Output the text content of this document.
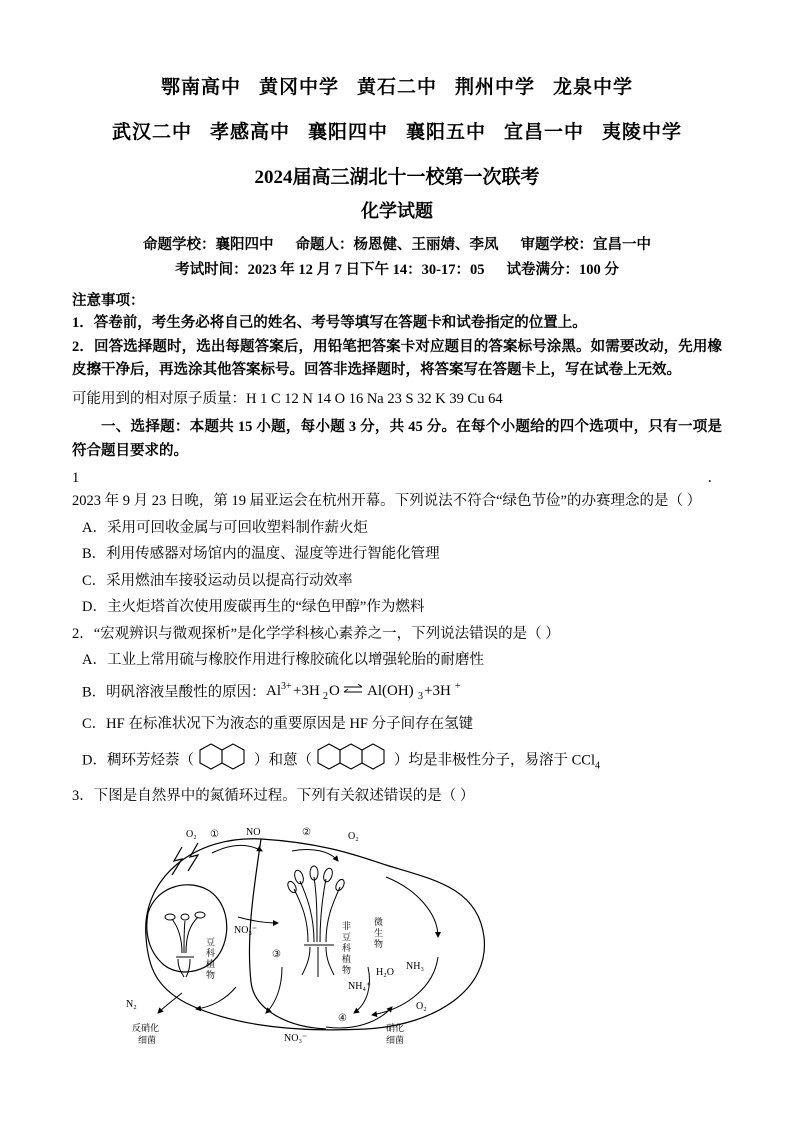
鄂南高中 黄冈中学 黄石二中 荆州中学 龙泉中学
武汉二中 孝感高中 襄阳四中 襄阳五中 宜昌一中 夷陵中学
2024届高三湖北十一校第一次联考
化学试题
命题学校：襄阳四中 命题人：杨恩健、王丽婧、李凤 审题学校：宜昌一中
考试时间：2023 年 12 月 7 日下午 14：30-17：05 试卷满分：100 分
注意事项：
1．答卷前，考生务必将自己的姓名、考号等填写在答题卡和试卷指定的位置上。
2．回答选择题时，选出每题答案后，用铅笔把答案卡对应题目的答案标号涂黑。如需要改动，先用橡皮擦干净后，再选涂其他答案标号。回答非选择题时，将答案写在答题卡上，写在试卷上无效。
可能用到的相对原子质量：H 1 C 12 N 14 O 16 Na 23 S 32 K 39 Cu 64
一、选择题：本题共 15 小题，每小题 3 分，共 45 分。在每个小题给的四个选项中，只有一项是符合题目要求的。
1．2023 年 9 月 23 日晚，第 19 届亚运会在杭州开幕。下列说法不符合“绿色节俭”的办赛理念的是（ ）
A．采用可回收金属与可回收塑料制作薪火炬
B．利用传感器对场馆内的温度、湿度等进行智能化管理
C．采用燃油车接驳运动员以提高行动效率
D．主火炬塔首次使用废碳再生的“绿色甲醇”作为燃料
2．“宏观辨识与微观探析”是化学学科核心素养之一，下列说法错误的是（ ）
A．工业上常用硫与橡胶作用进行橡胶硫化以增强轮胎的耐磨性
B．明矾溶液呈酸性的原因： Al 3+ +3H 2 O Al(OH) 3 +3H +
C．HF 在标准状况下为液态的重要原因是 HF 分子间存在氢键
D．稠环芳烃萘（	）和蒽（	）均是非极性分子，易溶于 CCl$_4$
3．下图是自然界中的氮循环过程。下列有关叙述错误的是（ ）
豆
科
植
物
非
豆
科
植
物
①	NO
O₂	②	O₂
NO₃⁻
H₂O
NH₃
NH₄⁺
微
生
物
O₂
N₂
反硝化
细菌	NO₃⁻
④
硝化
细菌
③
